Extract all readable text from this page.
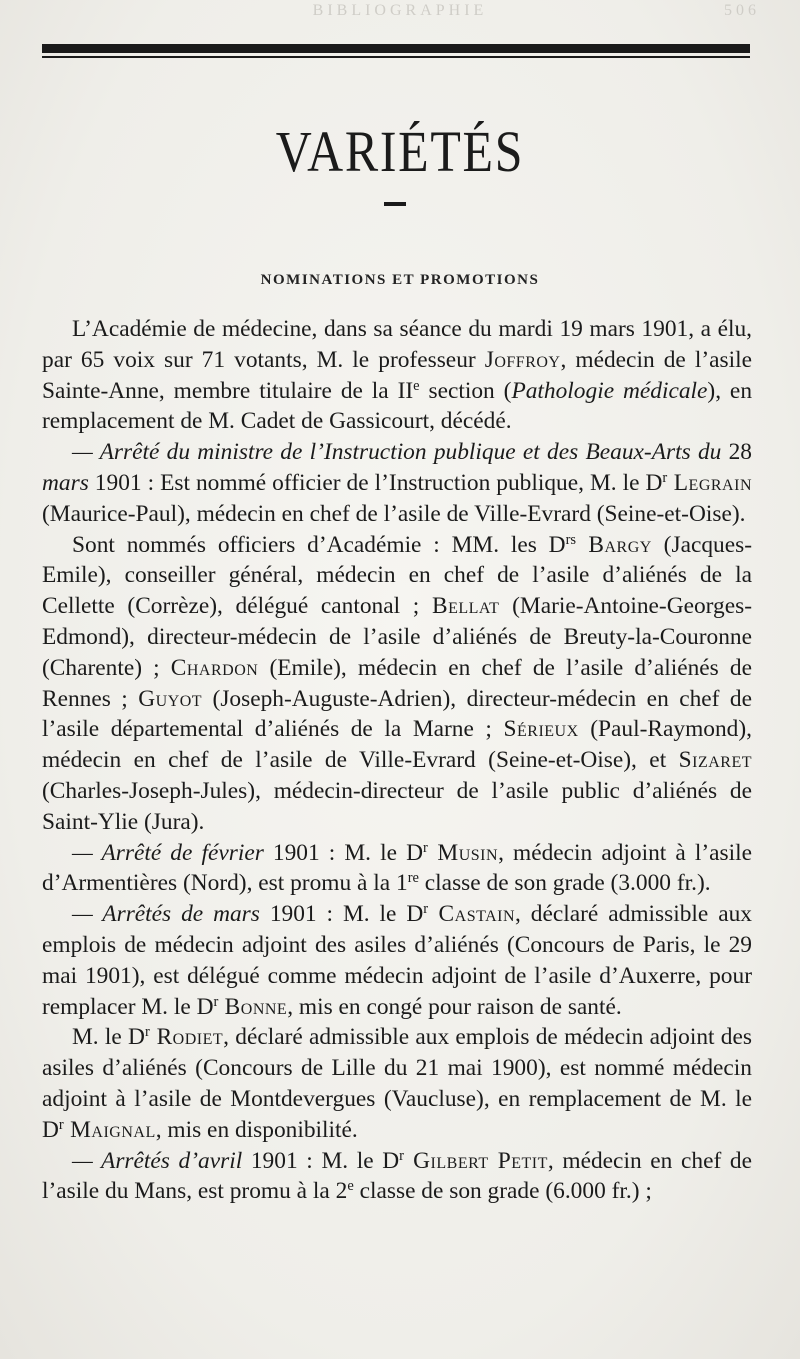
BIBLIOGRAPHIE	506
VARIÉTÉS
NOMINATIONS ET PROMOTIONS

L’Académie de médecine, dans sa séance du mardi 19 mars 1901, a élu, par 65 voix sur 71 votants, M. le professeur Joffroy, médecin de l’asile Sainte-Anne, membre titulaire de la IIe section (Pathologie médicale), en remplacement de M. Cadet de Gassicourt, décédé.

— Arrêté du ministre de l’Instruction publique et des Beaux-Arts du 28 mars 1901 : Est nommé officier de l’Instruction publique, M. le $D^r$ Legrain (Maurice-Paul), médecin en chef de l’asile de Ville-Evrard (Seine-et-Oise).

Sont nommés officiers d’Académie : MM. les $D^{rs}$ Bargy (Jacques-Emile), conseiller général, médecin en chef de l’asile d’aliénés de la Cellette (Corrèze), délégué cantonal ; Bellat (Marie-Antoine-Georges-Edmond), directeur-médecin de l’asile d’aliénés de Breuty-la-Couronne (Charente) ; Chardon (Emile), médecin en chef de l’asile d’aliénés de Rennes ; Guyot (Joseph-Auguste-Adrien), directeur-médecin en chef de l’asile départemental d’aliénés de la Marne ; Sérieux (Paul-Raymond), médecin en chef de l’asile de Ville-Evrard (Seine-et-Oise), et Sizaret (Charles-Joseph-Jules), médecin-directeur de l’asile public d’aliénés de Saint-Ylie (Jura).

— Arrêté de février 1901 : M. le $D^r$ Musin, médecin adjoint à l’asile d’Armentières (Nord), est promu à la 1re classe de son grade (3.000 fr.).

— Arrêtés de mars 1901 : M. le $D^r$ Castain, déclaré admissible aux emplois de médecin adjoint des asiles d’aliénés (Concours de Paris, le 29 mai 1901), est délégué comme médecin adjoint de l’asile d’Auxerre, pour remplacer M. le $D^r$ Bonne, mis en congé pour raison de santé.

M. le $D^r$ Rodiet, déclaré admissible aux emplois de médecin adjoint des asiles d’aliénés (Concours de Lille du 21 mai 1900), est nommé médecin adjoint à l’asile de Montdevergues (Vaucluse), en remplacement de M. le $D^r$ Maignal, mis en disponibilité.

— Arrêtés d’avril 1901 : M. le $D^r$ Gilbert Petit, médecin en chef de l’asile du Mans, est promu à la 2e classe de son grade (6.000 fr.) ;
